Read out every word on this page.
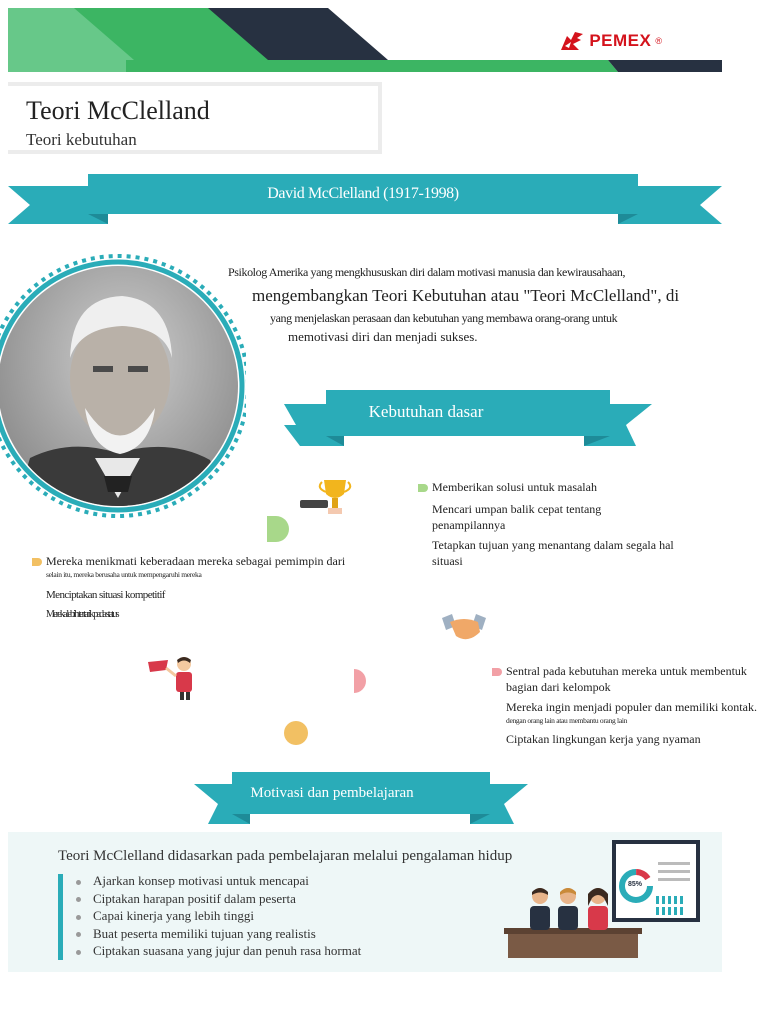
PEMEX ®
Teori McClelland
Teori kebutuhan
David McClelland (1917-1998)
Psikolog Amerika yang mengkhususkan diri dalam motivasi manusia dan kewirausahaan,
mengembangkan Teori Kebutuhan atau "Teori McClelland", di
yang menjelaskan perasaan dan kebutuhan yang membawa orang-orang untuk
memotivasi diri dan menjadi sukses.
Kebutuhan dasar
Memberikan solusi untuk masalah
Mencari umpan balik cepat tentang
penampilannya
Tetapkan tujuan yang menantang dalam segala hal
situasi
Mereka menikmati keberadaan mereka sebagai pemimpin dari
selain itu, mereka berusaha untuk mempengaruhi mereka
Menciptakan situasi kompetitif
Mereka lebih tertarik pada status
Sentral pada kebutuhan mereka untuk membentuk
bagian dari kelompok
Mereka ingin menjadi populer dan memiliki kontak.
dengan orang lain atau membantu orang lain
Ciptakan lingkungan kerja yang nyaman
Motivasi dan pembelajaran
Teori McClelland didasarkan pada pembelajaran melalui pengalaman hidup
Ajarkan konsep motivasi untuk mencapai
Ciptakan harapan positif dalam peserta
Capai kinerja yang lebih tinggi
Buat peserta memiliki tujuan yang realistis
Ciptakan suasana yang jujur dan penuh rasa hormat
85%
